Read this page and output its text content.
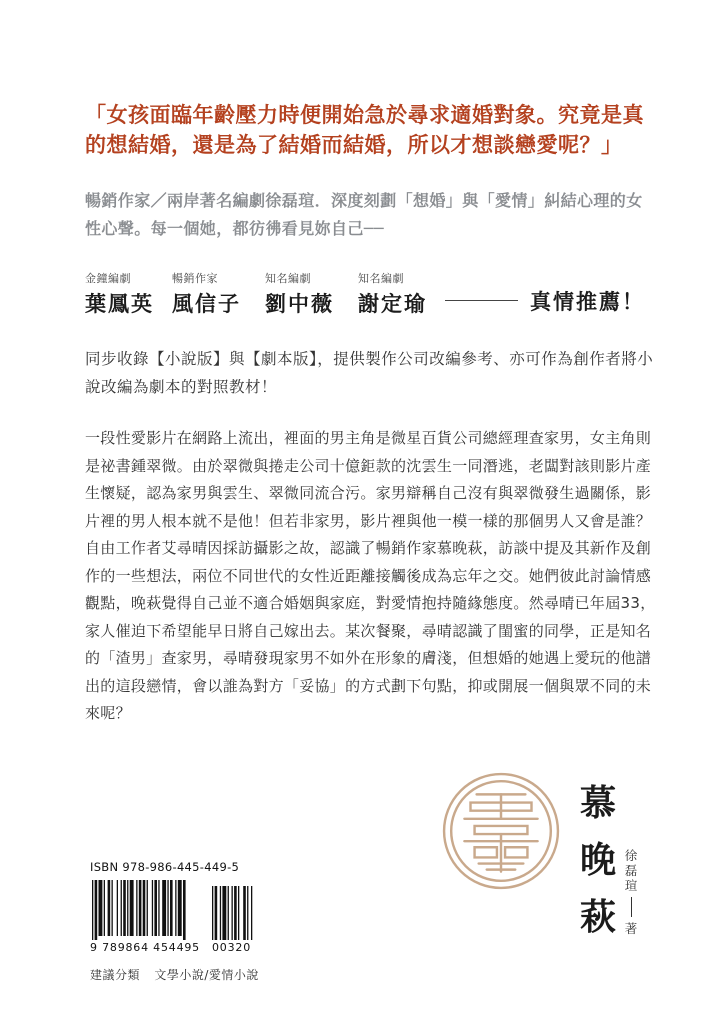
「女孩面臨年齡壓力時便開始急於尋求適婚對象。究竟是真的想結婚，還是為了結婚而結婚，所以才想談戀愛呢？」
暢銷作家／兩岸著名編劇徐磊瑄．深度刻劃「想婚」與「愛情」糾結心理的女性心聲。每一個她，都彷彿看見妳自己──
金鐘編劇
葉鳳英
暢銷作家
風信子
知名編劇
劉中薇
知名編劇
謝定瑜	真情推薦！
同步收錄【小說版】與【劇本版】，提供製作公司改編參考、亦可作為創作者將小說改編為劇本的對照教材！

一段性愛影片在網路上流出，裡面的男主角是微星百貨公司總經理查家男，女主角則是祕書鍾翠微。由於翠微與捲走公司十億鉅款的沈雲生一同潛逃，老闆對該則影片產生懷疑，認為家男與雲生、翠微同流合污。家男辯稱自己沒有與翠微發生過關係，影片裡的男人根本就不是他！但若非家男，影片裡與他一模一樣的那個男人又會是誰？

自由工作者艾尋晴因採訪攝影之故，認識了暢銷作家慕晚萩，訪談中提及其新作及創作的一些想法，兩位不同世代的女性近距離接觸後成為忘年之交。她們彼此討論情感觀點，晚萩覺得自己並不適合婚姻與家庭，對愛情抱持隨緣態度。然尋晴已年屆33，家人催迫下希望能早日將自己嫁出去。某次餐聚，尋晴認識了閨蜜的同學，正是知名的「渣男」查家男，尋晴發現家男不如外在形象的膚淺，但想婚的她遇上愛玩的他譜出的這段戀情，會以誰為對方「妥協」的方式劃下句點，抑或開展一個與眾不同的未來呢？

慕
晚
萩
徐
磊
瑄
著
ISBN 978-986-445-449-5
9 789864 454495 00320
建議分類 文學小說/愛情小說
